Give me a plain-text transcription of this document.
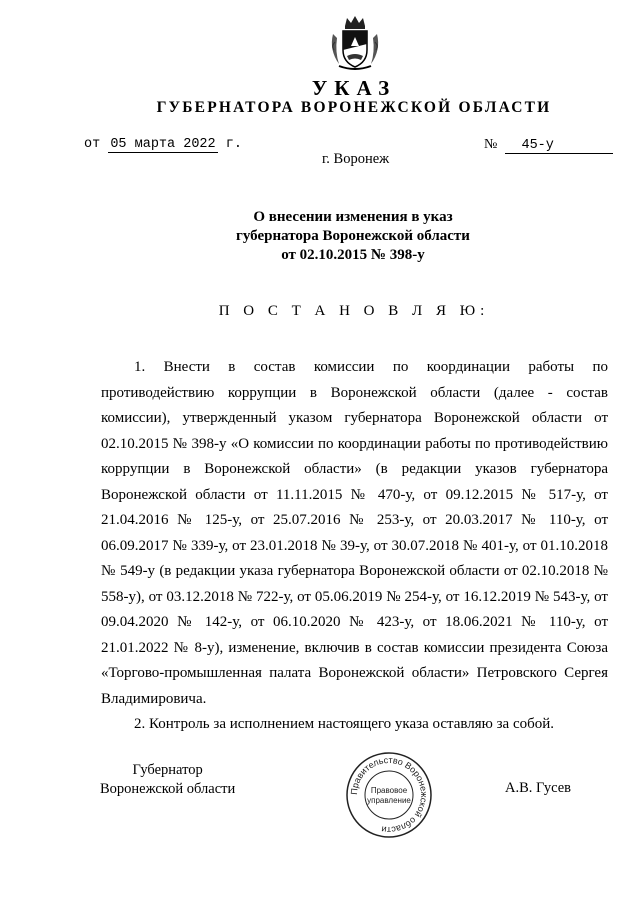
УКАЗ
ГУБЕРНАТОРА ВОРОНЕЖСКОЙ ОБЛАСТИ
от 05 марта 2022 г.	№ 45-у
г. Воронеж
О внесении изменения в указ
губернатора Воронежской области
от 02.10.2015 № 398-у
П О С Т А Н О В Л Я Ю:

1. Внести в состав комиссии по координации работы по противодействию коррупции в Воронежской области (далее - состав комиссии), утвержденный указом губернатора Воронежской области от 02.10.2015 № 398-у «О комиссии по координации работы по противодействию коррупции в Воронежской области» (в редакции указов губернатора Воронежской области от 11.11.2015 № 470-у, от 09.12.2015 № 517-у, от 21.04.2016 № 125-у, от 25.07.2016 № 253-у, от 20.03.2017 № 110-у, от 06.09.2017 № 339-у, от 23.01.2018 № 39-у, от 30.07.2018 № 401-у, от 01.10.2018 № 549-у (в редакции указа губернатора Воронежской области от 02.10.2018 № 558-у), от 03.12.2018 № 722-у, от 05.06.2019 № 254-у, от 16.12.2019 № 543-у, от 09.04.2020 № 142-у, от 06.10.2020 № 423-у, от 18.06.2021 № 110-у, от 21.01.2022 № 8-у), изменение, включив в состав комиссии президента Союза «Торгово-промышленная палата Воронежской области» Петровского Сергея Владимировича.

2. Контроль за исполнением настоящего указа оставляю за собой.

Губернатор
Воронежской области	Правительство Воронежской области
Правовое
управление
А.В. Гусев
